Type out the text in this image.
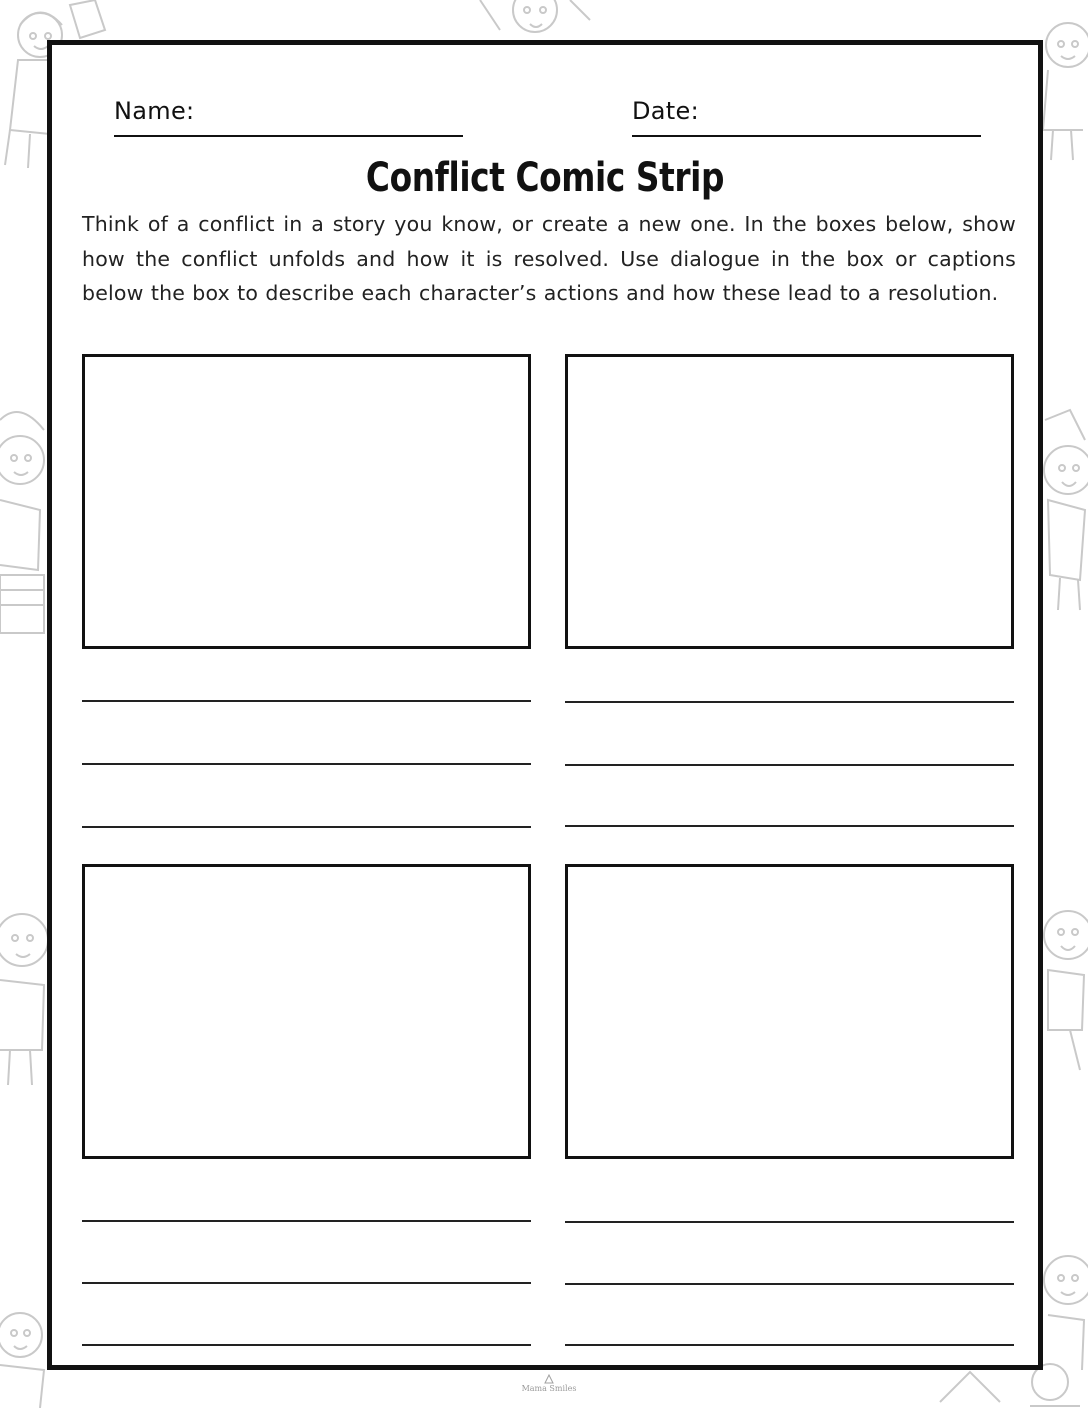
Name:	Date:
Conflict Comic Strip

Think of a conflict in a story you know, or create a new one. In the boxes below, show how the conflict unfolds and how it is resolved. Use dialogue in the box or captions below the box to describe each character’s actions and how these lead to a resolution.

Mama Smiles
